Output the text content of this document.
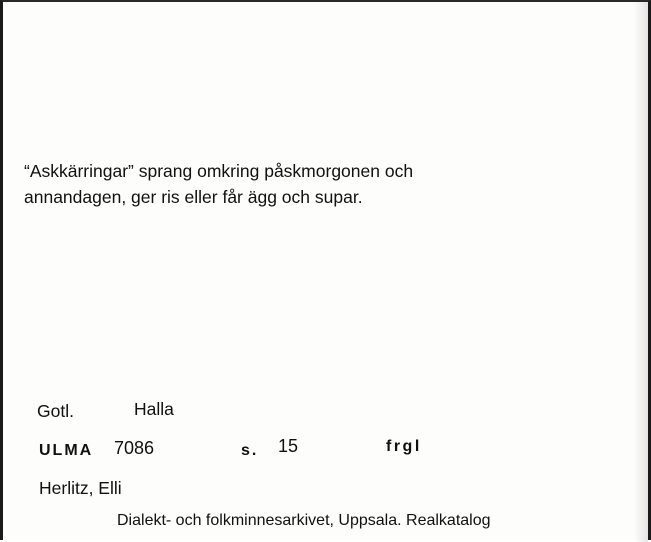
“Askkärringar” sprang omkring påskmorgonen och
annandagen, ger ris eller får ägg och supar.
Gotl.	Halla
ULMA 7086	s. 15	frgl
Herlitz, Elli
Dialekt- och folkminnesarkivet, Uppsala. Realkatalog
